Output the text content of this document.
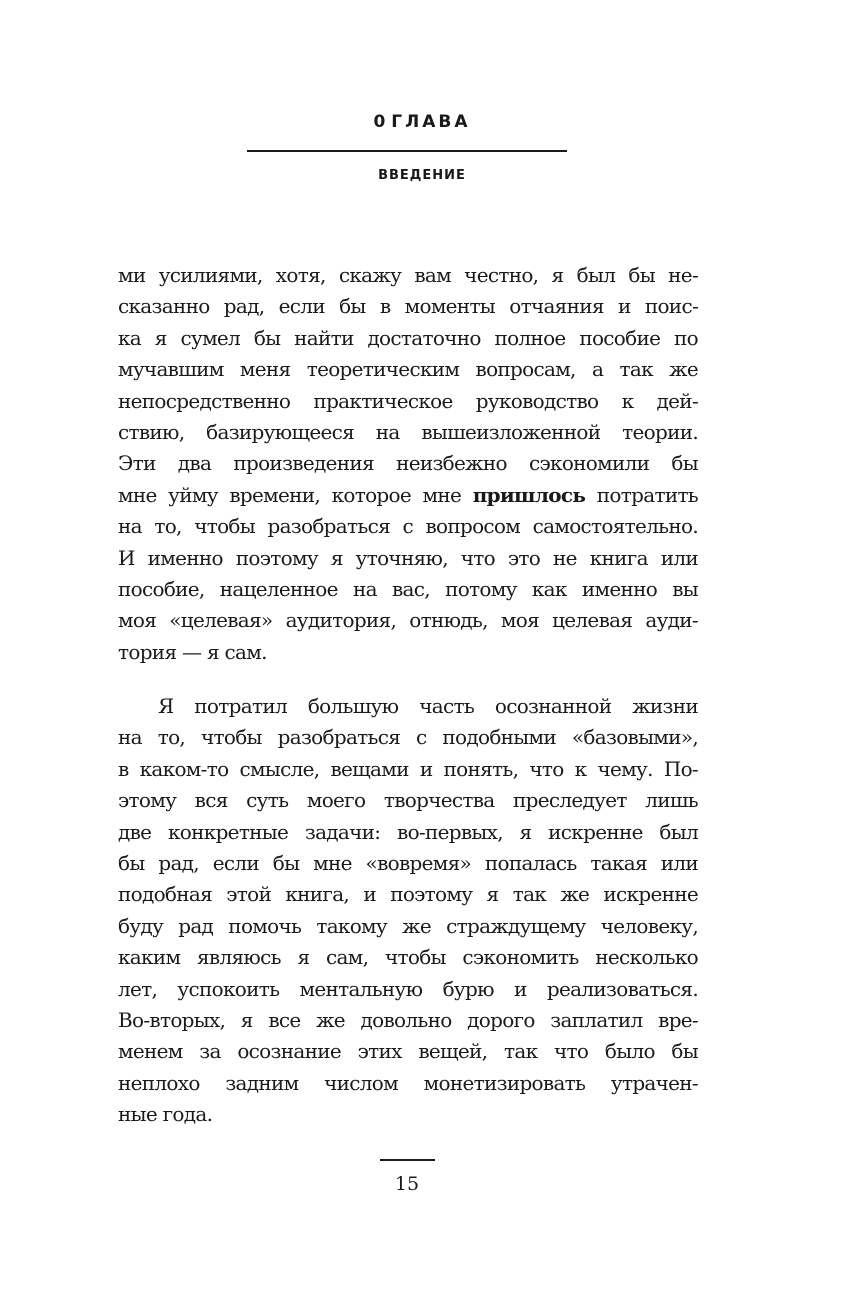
0 ГЛАВА
ВВЕДЕНИЕ
ми усилиями, хотя, скажу вам честно, я был бы не-
сказанно рад, если бы в моменты отчаяния и поис-
ка я сумел бы найти достаточно полное пособие по
мучавшим меня теоретическим вопросам, а так же
непосредственно практическое руководство к дей-
ствию, базирующееся на вышеизложенной теории.
Эти два произведения неизбежно сэкономили бы
мне уйму времени, которое мне пришлось потратить
на то, чтобы разобраться с вопросом самостоятельно.
И именно поэтому я уточняю, что это не книга или
пособие, нацеленное на вас, потому как именно вы
моя «целевая» аудитория, отнюдь, моя целевая ауди-
тория — я сам.
Я потратил большую часть осознанной жизни
на то, чтобы разобраться с подобными «базовыми»,
в каком-то смысле, вещами и понять, что к чему. По-
этому вся суть моего творчества преследует лишь
две конкретные задачи: во-первых, я искренне был
бы рад, если бы мне «вовремя» попалась такая или
подобная этой книга, и поэтому я так же искренне
буду рад помочь такому же страждущему человеку,
каким являюсь я сам, чтобы сэкономить несколько
лет, успокоить ментальную бурю и реализоваться.
Во-вторых, я все же довольно дорого заплатил вре-
менем за осознание этих вещей, так что было бы
неплохо задним числом монетизировать утрачен-
ные года.
15
